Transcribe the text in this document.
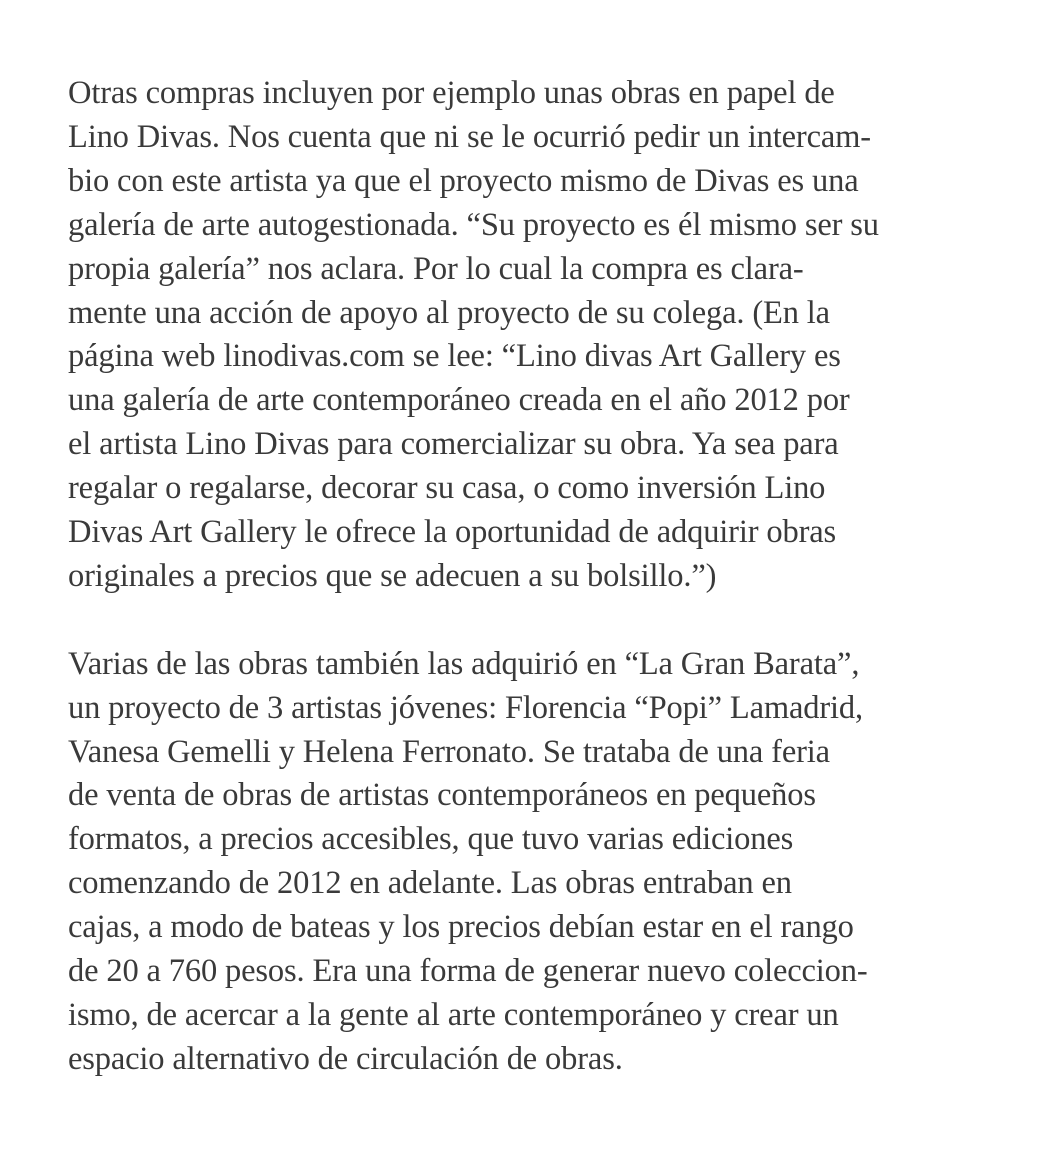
Otras compras incluyen por ejemplo unas obras en papel de
Lino Divas. Nos cuenta que ni se le ocurrió pedir un intercam-
bio con este artista ya que el proyecto mismo de Divas es una
galería de arte autogestionada. “Su proyecto es él mismo ser su
propia galería” nos aclara. Por lo cual la compra es clara-
mente una acción de apoyo al proyecto de su colega. (En la
página web linodivas.com se lee: “Lino divas Art Gallery es
una galería de arte contemporáneo creada en el año 2012 por
el artista Lino Divas para comercializar su obra. Ya sea para
regalar o regalarse, decorar su casa, o como inversión Lino
Divas Art Gallery le ofrece la oportunidad de adquirir obras
originales a precios que se adecuen a su bolsillo.”)

Varias de las obras también las adquirió en “La Gran Barata”,
un proyecto de 3 artistas jóvenes: Florencia “Popi” Lamadrid,
Vanesa Gemelli y Helena Ferronato. Se trataba de una feria
de venta de obras de artistas contemporáneos en pequeños
formatos, a precios accesibles, que tuvo varias ediciones
comenzando de 2012 en adelante. Las obras entraban en
cajas, a modo de bateas y los precios debían estar en el rango
de 20 a 760 pesos. Era una forma de generar nuevo coleccion-
ismo, de acercar a la gente al arte contemporáneo y crear un
espacio alternativo de circulación de obras.
